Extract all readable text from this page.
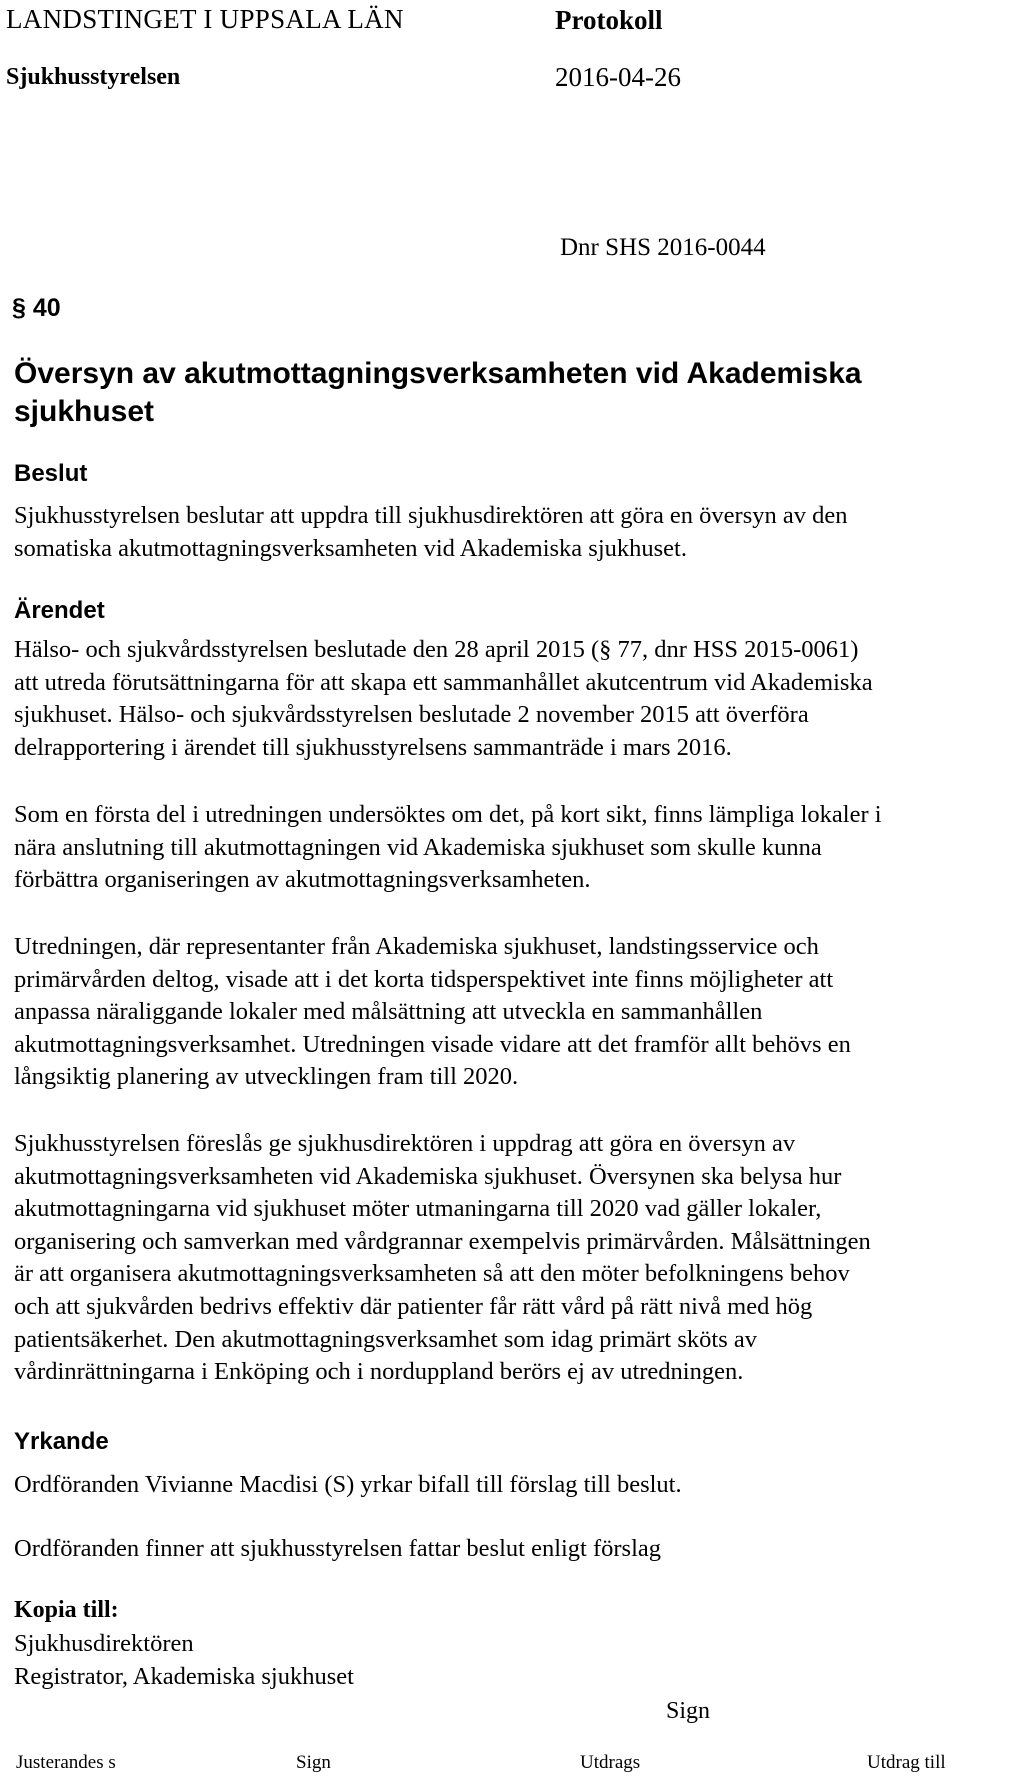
LANDSTINGET I UPPSALA LÄN	Protokoll
Sjukhusstyrelsen	2016-04-26
Dnr SHS 2016-0044
§ 40
Översyn av akutmottagningsverksamheten vid Akademiska
sjukhuset
Beslut
Sjukhusstyrelsen beslutar att uppdra till sjukhusdirektören att göra en översyn av den
somatiska akutmottagningsverksamheten vid Akademiska sjukhuset.
Ärendet
Hälso- och sjukvårdsstyrelsen beslutade den 28 april 2015 (§ 77, dnr HSS 2015-0061)
att utreda förutsättningarna för att skapa ett sammanhållet akutcentrum vid Akademiska
sjukhuset. Hälso- och sjukvårdsstyrelsen beslutade 2 november 2015 att överföra
delrapportering i ärendet till sjukhusstyrelsens sammanträde i mars 2016.
Som en första del i utredningen undersöktes om det, på kort sikt, finns lämpliga lokaler i
nära anslutning till akutmottagningen vid Akademiska sjukhuset som skulle kunna
förbättra organiseringen av akutmottagningsverksamheten.
Utredningen, där representanter från Akademiska sjukhuset, landstingsservice och
primärvården deltog, visade att i det korta tidsperspektivet inte finns möjligheter att
anpassa näraliggande lokaler med målsättning att utveckla en sammanhållen
akutmottagningsverksamhet. Utredningen visade vidare att det framför allt behövs en
långsiktig planering av utvecklingen fram till 2020.
Sjukhusstyrelsen föreslås ge sjukhusdirektören i uppdrag att göra en översyn av
akutmottagningsverksamheten vid Akademiska sjukhuset. Översynen ska belysa hur
akutmottagningarna vid sjukhuset möter utmaningarna till 2020 vad gäller lokaler,
organisering och samverkan med vårdgrannar exempelvis primärvården. Målsättningen
är att organisera akutmottagningsverksamheten så att den möter befolkningens behov
och att sjukvården bedrivs effektiv där patienter får rätt vård på rätt nivå med hög
patientsäkerhet. Den akutmottagningsverksamhet som idag primärt sköts av
vårdinrättningarna i Enköping och i norduppland berörs ej av utredningen.
Yrkande
Ordföranden Vivianne Macdisi (S) yrkar bifall till förslag till beslut.
Ordföranden finner att sjukhusstyrelsen fattar beslut enligt förslag
Kopia till:
Sjukhusdirektören
Registrator, Akademiska sjukhuset
Sign
Justerandes s	Sign	Utdrags	Utdrag till
